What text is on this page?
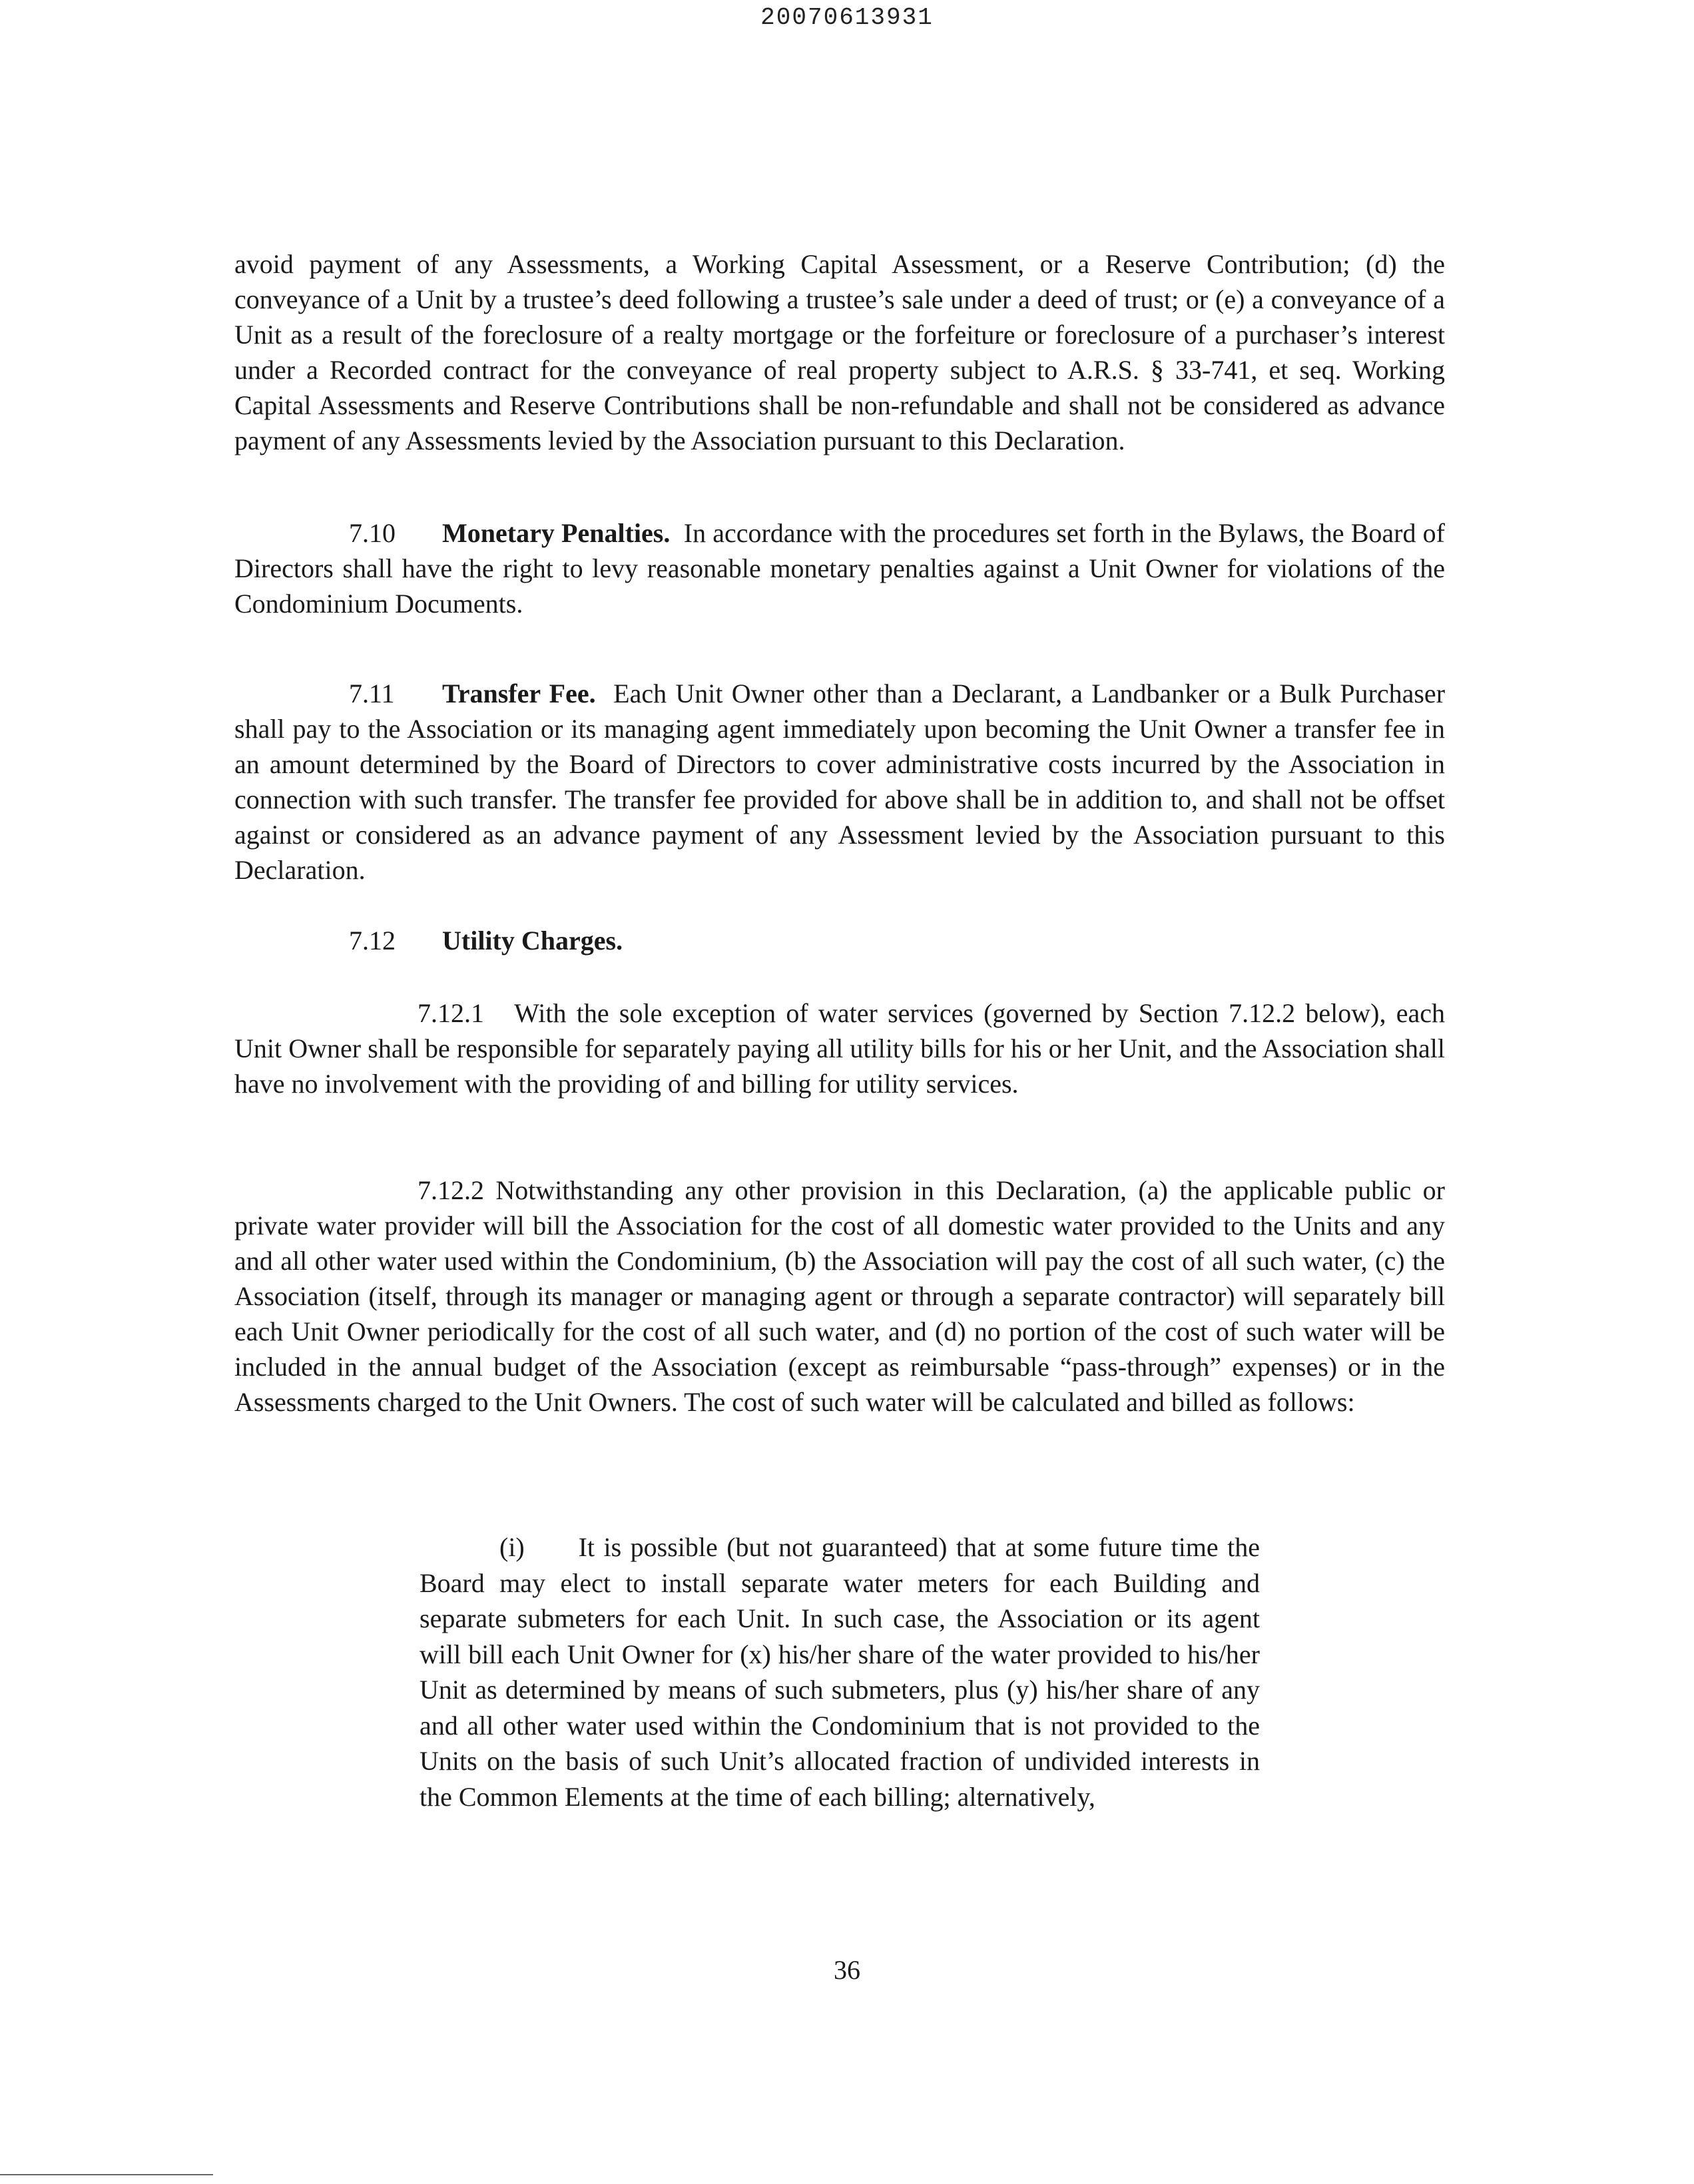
20070613931

avoid payment of any Assessments, a Working Capital Assessment, or a Reserve Contribution; (d) the conveyance of a Unit by a trustee’s deed following a trustee’s sale under a deed of trust; or (e) a conveyance of a Unit as a result of the foreclosure of a realty mortgage or the forfeiture or foreclosure of a purchaser’s interest under a Recorded contract for the conveyance of real property subject to A.R.S. § 33-741, et seq. Working Capital Assessments and Reserve Contributions shall be non-refundable and shall not be considered as advance payment of any Assessments levied by the Association pursuant to this Declaration.

7.10 Monetary Penalties. In accordance with the procedures set forth in the Bylaws, the Board of Directors shall have the right to levy reasonable monetary penalties against a Unit Owner for violations of the Condominium Documents.

7.11 Transfer Fee. Each Unit Owner other than a Declarant, a Landbanker or a Bulk Purchaser shall pay to the Association or its managing agent immediately upon becoming the Unit Owner a transfer fee in an amount determined by the Board of Directors to cover administrative costs incurred by the Association in connection with such transfer. The transfer fee provided for above shall be in addition to, and shall not be offset against or considered as an advance payment of any Assessment levied by the Association pursuant to this Declaration.

7.12 Utility Charges.

7.12.1 With the sole exception of water services (governed by Section 7.12.2 below), each Unit Owner shall be responsible for separately paying all utility bills for his or her Unit, and the Association shall have no involvement with the providing of and billing for utility services.

7.12.2 Notwithstanding any other provision in this Declaration, (a) the applicable public or private water provider will bill the Association for the cost of all domestic water provided to the Units and any and all other water used within the Condominium, (b) the Association will pay the cost of all such water, (c) the Association (itself, through its manager or managing agent or through a separate contractor) will separately bill each Unit Owner periodically for the cost of all such water, and (d) no portion of the cost of such water will be included in the annual budget of the Association (except as reimbursable “pass-through” expenses) or in the Assessments charged to the Unit Owners. The cost of such water will be calculated and billed as follows:

(i) It is possible (but not guaranteed) that at some future time the Board may elect to install separate water meters for each Building and separate submeters for each Unit. In such case, the Association or its agent will bill each Unit Owner for (x) his/her share of the water provided to his/her Unit as determined by means of such submeters, plus (y) his/her share of any and all other water used within the Condominium that is not provided to the Units on the basis of such Unit’s allocated fraction of undivided interests in the Common Elements at the time of each billing; alternatively,

36
